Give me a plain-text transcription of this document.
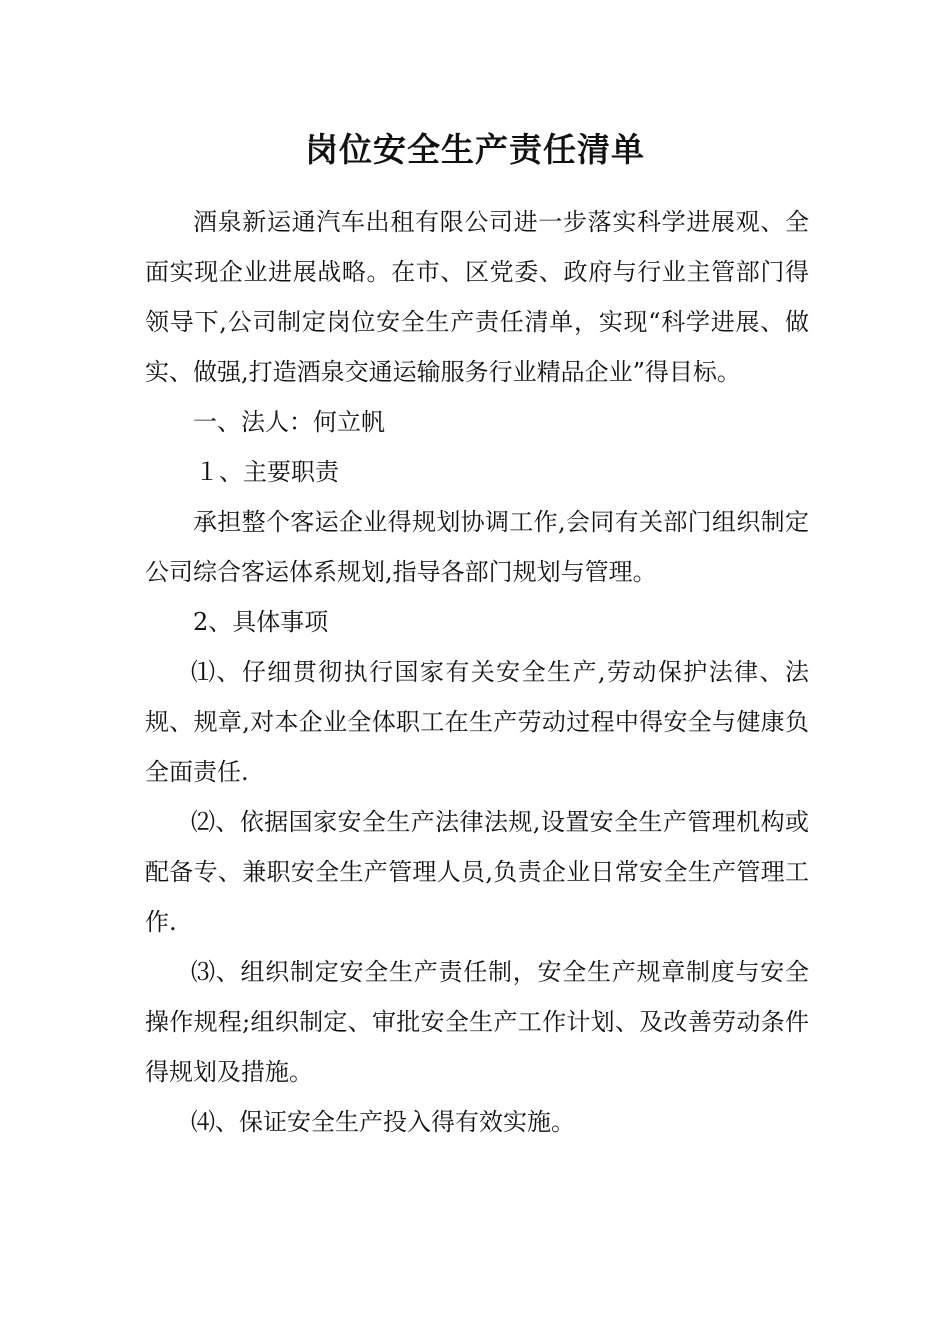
岗位安全生产责任清单

酒泉新运通汽车出租有限公司进一步落实科学进展观、全面实现企业进展战略。在市、区党委、政府与行业主管部门得领导下,公司制定岗位安全生产责任清单，实现“科学进展、做实、做强,打造酒泉交通运输服务行业精品企业”得目标。

一、法人：何立帆

１、主要职责

承担整个客运企业得规划协调工作,会同有关部门组织制定公司综合客运体系规划,指导各部门规划与管理。

2、具体事项

⑴、仔细贯彻执行国家有关安全生产,劳动保护法律、法规、规章,对本企业全体职工在生产劳动过程中得安全与健康负全面责任.

⑵、依据国家安全生产法律法规,设置安全生产管理机构或配备专、兼职安全生产管理人员,负责企业日常安全生产管理工作.

⑶、组织制定安全生产责任制，安全生产规章制度与安全操作规程;组织制定、审批安全生产工作计划、及改善劳动条件得规划及措施。

⑷、保证安全生产投入得有效实施。
